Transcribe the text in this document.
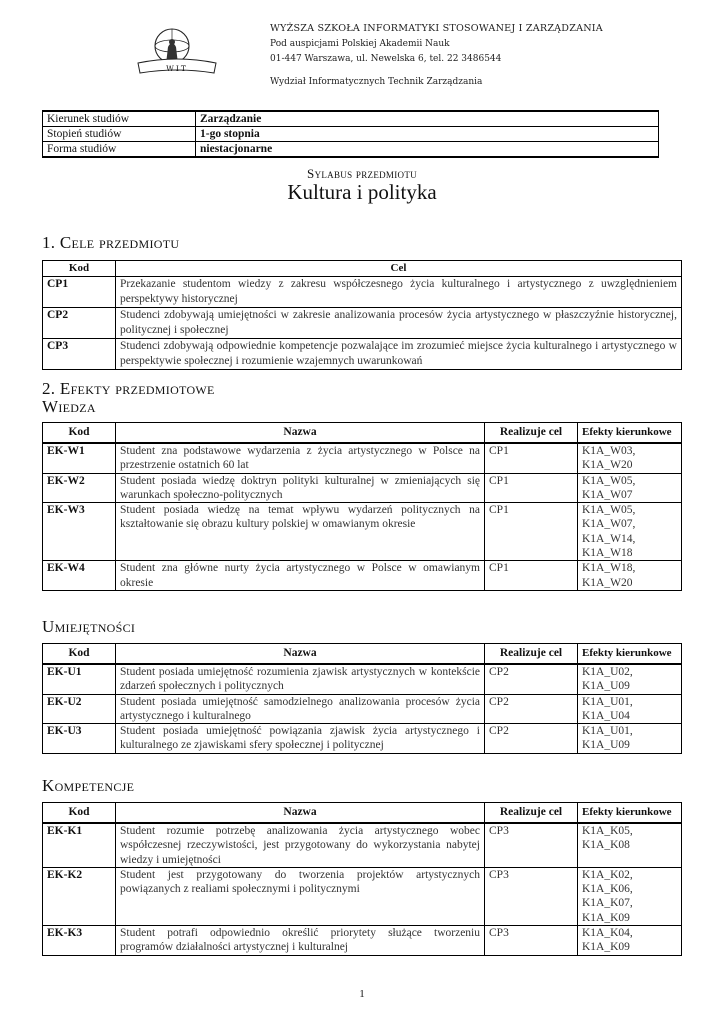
WIT
WYŻSZA SZKOŁA INFORMATYKI STOSOWANEJ I ZARZĄDZANIA
Pod auspicjami Polskiej Akademii Nauk
01-447 Warszawa, ul. Newelska 6, tel. 22 3486544
Wydział Informatycznych Technik Zarządzania
Kierunek studiów	Zarządzanie
Stopień studiów	1-go stopnia
Forma studiów	niestacjonarne
Sylabus przedmiotu
Kultura i polityka
1. Cele przedmiotu
Kod	Cel
CP1	Przekazanie studentom wiedzy z zakresu współczesnego życia kulturalnego i artystycznego z uwzględnieniem perspektywy historycznej
CP2	Studenci zdobywają umiejętności w zakresie analizowania procesów życia artystycznego w płaszczyźnie historycznej, politycznej i społecznej
CP3	Studenci zdobywają odpowiednie kompetencje pozwalające im zrozumieć miejsce życia kulturalnego i artystycznego w perspektywie społecznej i rozumienie wzajemnych uwarunkowań
2. Efekty przedmiotowe
Wiedza
Kod	Nazwa	Realizuje cel	Efekty kierunkowe
EK-W1	Student zna podstawowe wydarzenia z życia artystycznego w Polsce na przestrzenie ostatnich 60 lat	CP1	K1A_W03, K1A_W20
EK-W2	Student posiada wiedzę doktryn polityki kulturalnej w zmieniających się warunkach społeczno-politycznych	CP1	K1A_W05, K1A_W07
EK-W3	Student posiada wiedzę na temat wpływu wydarzeń politycznych na kształtowanie się obrazu kultury polskiej w omawianym okresie	CP1	K1A_W05, K1A_W07, K1A_W14, K1A_W18
EK-W4	Student zna główne nurty życia artystycznego w Polsce w omawianym okresie	CP1	K1A_W18, K1A_W20
Umiejętności
Kod	Nazwa	Realizuje cel	Efekty kierunkowe
EK-U1	Student posiada umiejętność rozumienia zjawisk artystycznych w kontekście zdarzeń społecznych i politycznych	CP2	K1A_U02, K1A_U09
EK-U2	Student posiada umiejętność samodzielnego analizowania procesów życia artystycznego i kulturalnego	CP2	K1A_U01, K1A_U04
EK-U3	Student posiada umiejętność powiązania zjawisk życia artystycznego i kulturalnego ze zjawiskami sfery społecznej i politycznej	CP2	K1A_U01, K1A_U09
Kompetencje
Kod	Nazwa	Realizuje cel	Efekty kierunkowe
EK-K1	Student rozumie potrzebę analizowania życia artystycznego wobec współczesnej rzeczywistości, jest przygotowany do wykorzystania nabytej wiedzy i umiejętności	CP3	K1A_K05, K1A_K08
EK-K2	Student jest przygotowany do tworzenia projektów artystycznych powiązanych z realiami społecznymi i politycznymi	CP3	K1A_K02, K1A_K06, K1A_K07, K1A_K09
EK-K3	Student potrafi odpowiednio określić priorytety służące tworzeniu programów działalności artystycznej i kulturalnej	CP3	K1A_K04, K1A_K09
1
